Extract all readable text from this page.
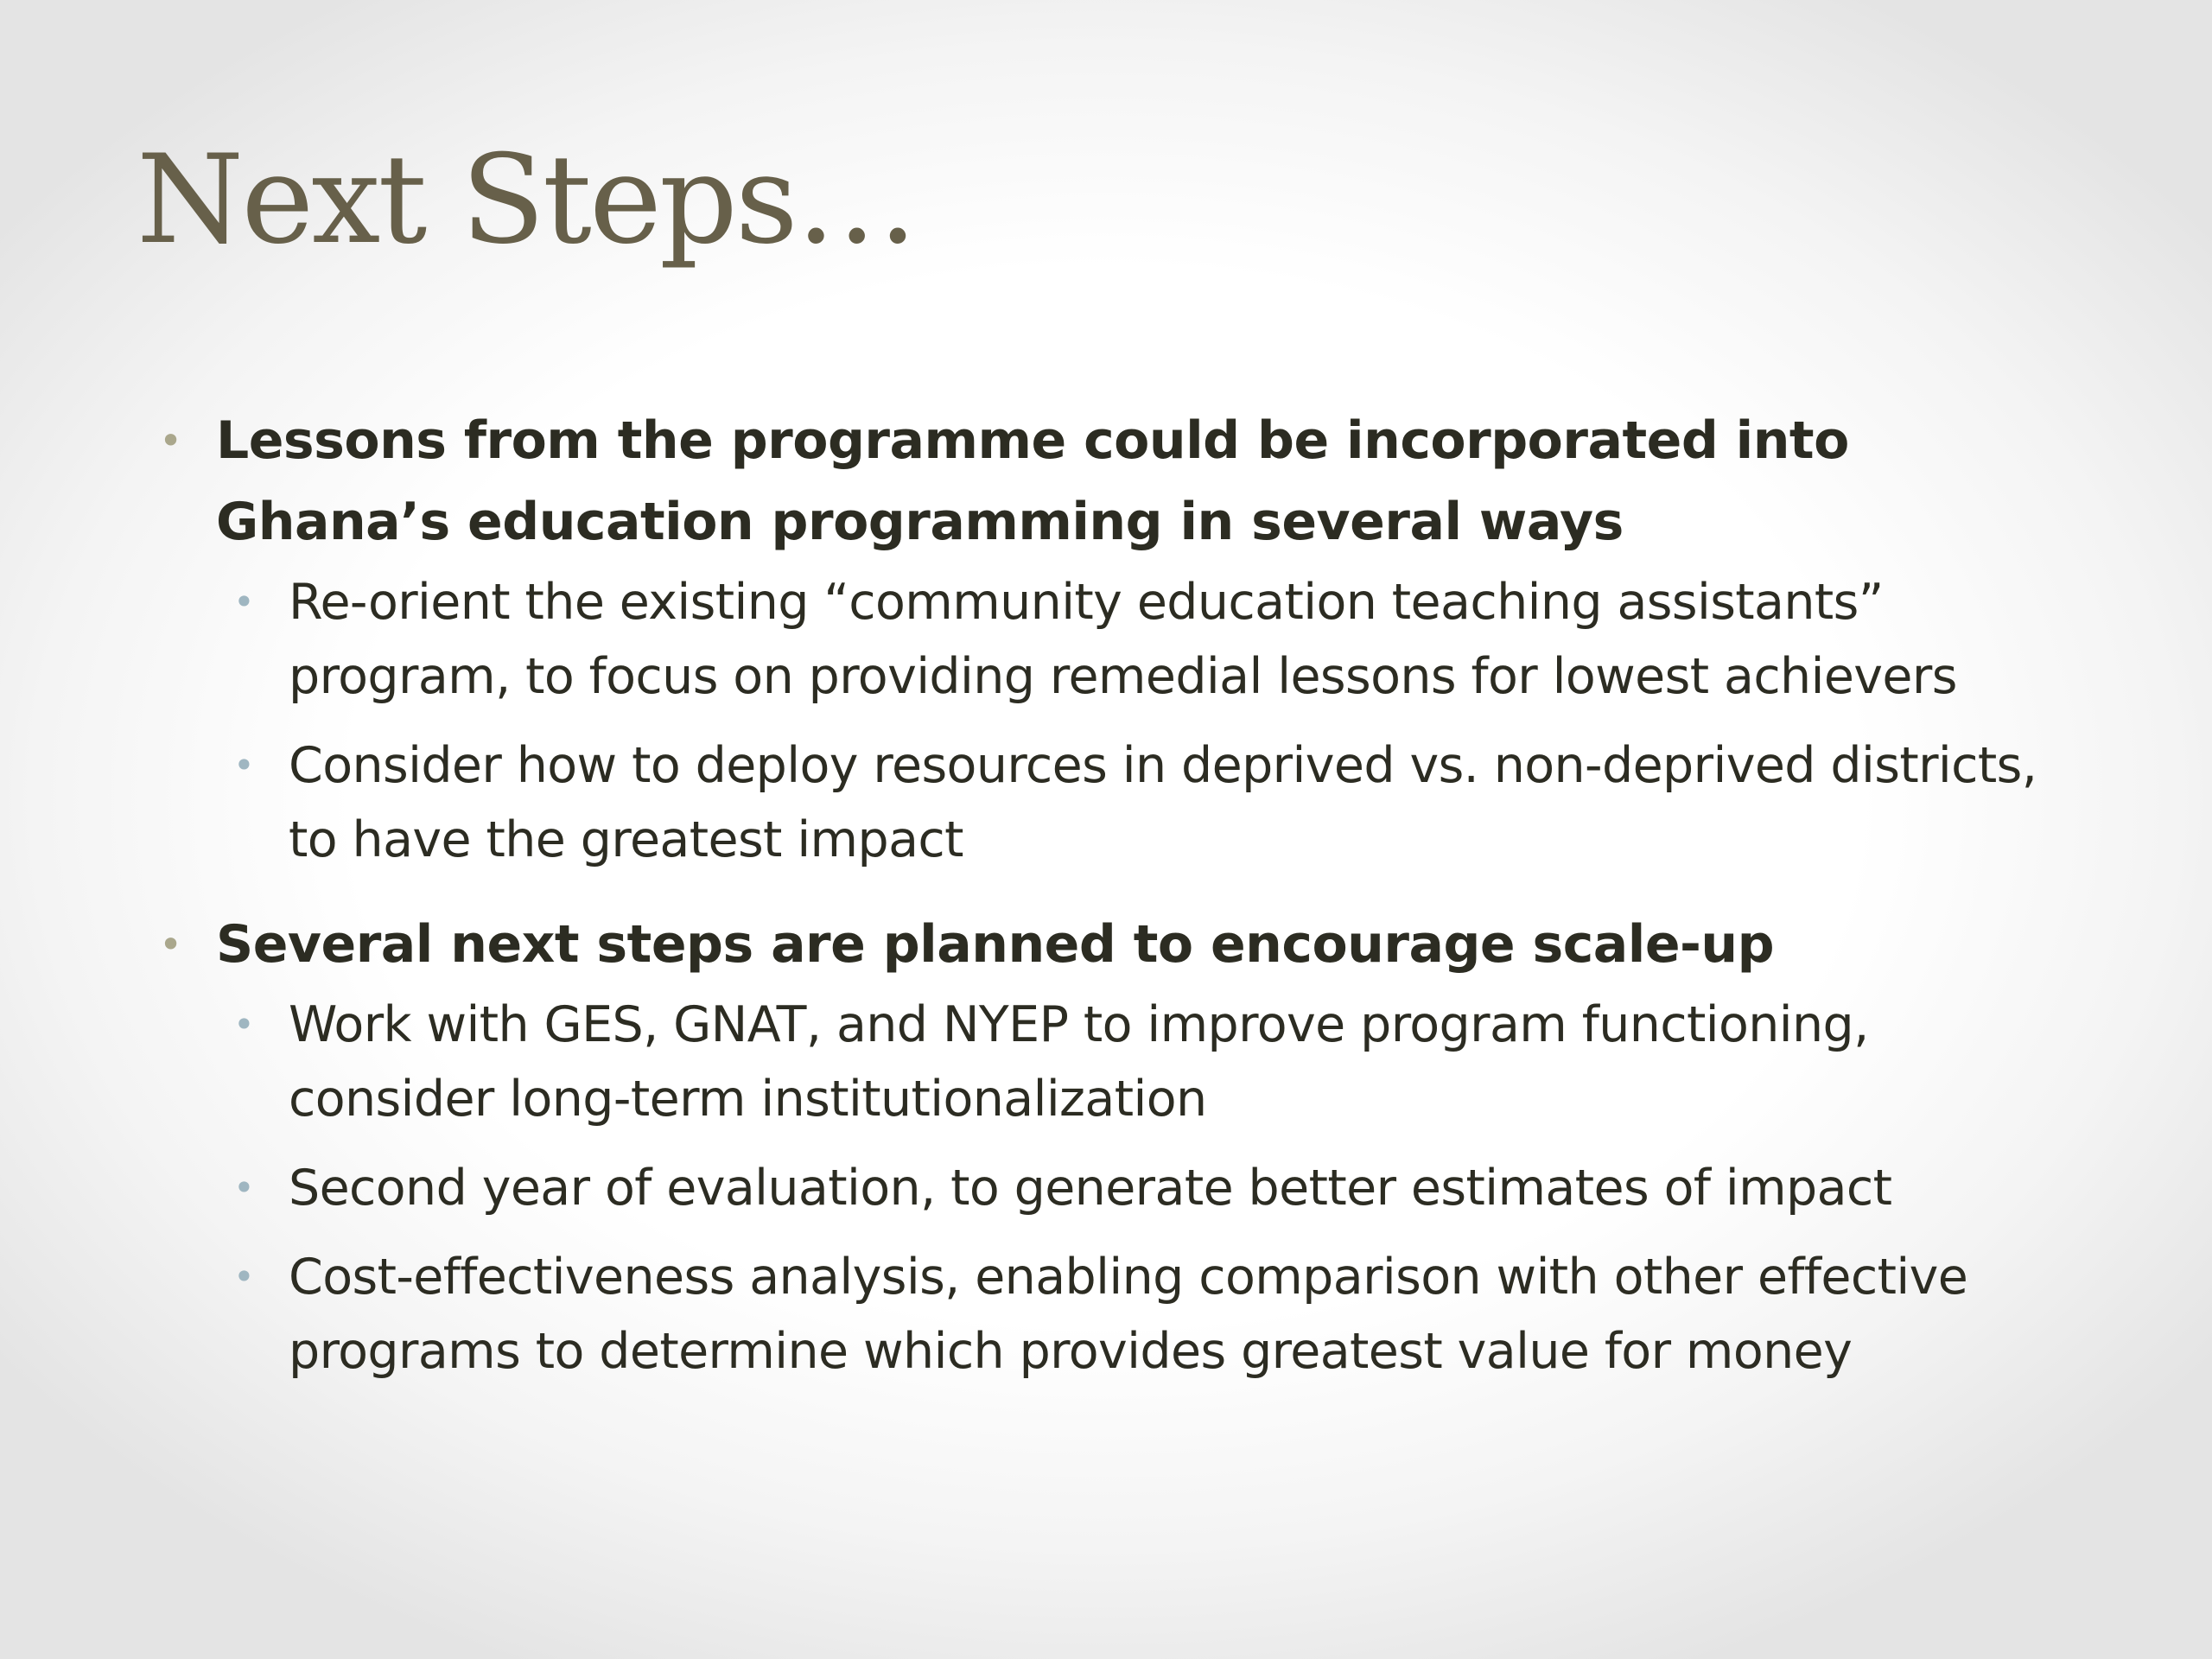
Next Steps…
• Lessons from the programme could be incorporated into Ghana’s education programming in several ways
• Re-orient the existing “community education teaching assistants” program, to focus on providing remedial lessons for lowest achievers
• Consider how to deploy resources in deprived vs. non-deprived districts, to have the greatest impact
• Several next steps are planned to encourage scale-up
• Work with GES, GNAT, and NYEP to improve program functioning, consider long-term institutionalization
• Second year of evaluation, to generate better estimates of impact
• Cost-effectiveness analysis, enabling comparison with other effective programs to determine which provides greatest value for money
